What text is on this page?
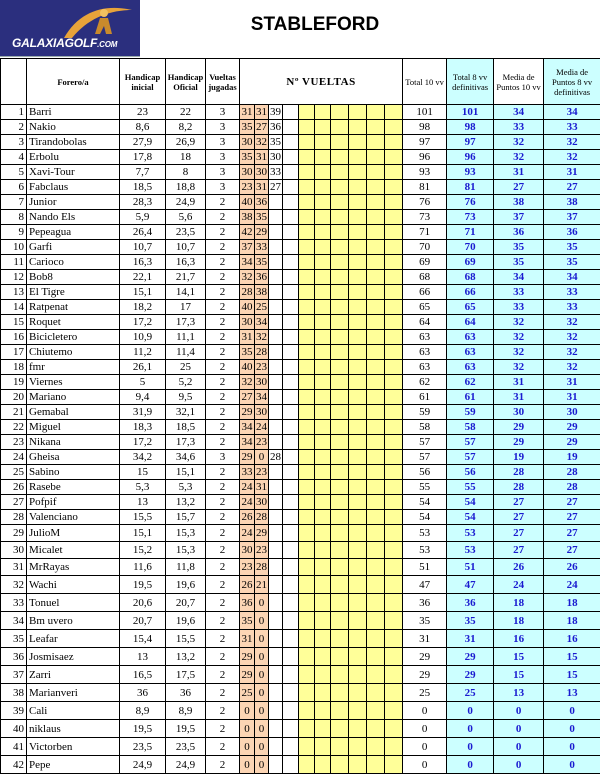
GALAXIAGOLF.COM
STABLEFORD
	Forero/a	Handicap inicial	Handicap Oficial	Vueltas jugadas	Nº VUELTAS										Total 10 vv	Total 8 vv definitivas	Media de Puntos 10 vv	Media de Puntos 8 vv definitivas
1	Barri	23	22	3	31	31	39								101	101	34	34
2	Nakio	8,6	8,2	3	35	27	36								98	98	33	33
3	Tirandobolas	27,9	26,9	3	30	32	35								97	97	32	32
4	Erbolu	17,8	18	3	35	31	30								96	96	32	32
5	Xavi-Tour	7,7	8	3	30	30	33								93	93	31	31
6	Fabclaus	18,5	18,8	3	23	31	27								81	81	27	27
7	Junior	28,3	24,9	2	40	36									76	76	38	38
8	Nando Els	5,9	5,6	2	38	35									73	73	37	37
9	Pepeagua	26,4	23,5	2	42	29									71	71	36	36
10	Garfi	10,7	10,7	2	37	33									70	70	35	35
11	Carioco	16,3	16,3	2	34	35									69	69	35	35
12	Bob8	22,1	21,7	2	32	36									68	68	34	34
13	El Tigre	15,1	14,1	2	28	38									66	66	33	33
14	Ratpenat	18,2	17	2	40	25									65	65	33	33
15	Roquet	17,2	17,3	2	30	34									64	64	32	32
16	Bicicletero	10,9	11,1	2	31	32									63	63	32	32
17	Chiutemo	11,2	11,4	2	35	28									63	63	32	32
18	fmr	26,1	25	2	40	23									63	63	32	32
19	Viernes	5	5,2	2	32	30									62	62	31	31
20	Mariano	9,4	9,5	2	27	34									61	61	31	31
21	Gemabal	31,9	32,1	2	29	30									59	59	30	30
22	Miguel	18,3	18,5	2	34	24									58	58	29	29
23	Nikana	17,2	17,3	2	34	23									57	57	29	29
24	Gheisa	34,2	34,6	3	29	0	28								57	57	19	19
25	Sabino	15	15,1	2	33	23									56	56	28	28
26	Rasebe	5,3	5,3	2	24	31									55	55	28	28
27	Pofpif	13	13,2	2	24	30									54	54	27	27
28	Valenciano	15,5	15,7	2	26	28									54	54	27	27
29	JulioM	15,1	15,3	2	24	29									53	53	27	27
30	Micalet	15,2	15,3	2	30	23									53	53	27	27
31	MrRayas	11,6	11,8	2	23	28									51	51	26	26
32	Wachi	19,5	19,6	2	26	21									47	47	24	24
33	Tonuel	20,6	20,7	2	36	0									36	36	18	18
34	Bm uvero	20,7	19,6	2	35	0									35	35	18	18
35	Leafar	15,4	15,5	2	31	0									31	31	16	16
36	Josmisaez	13	13,2	2	29	0									29	29	15	15
37	Zarri	16,5	17,5	2	29	0									29	29	15	15
38	Marianveri	36	36	2	25	0									25	25	13	13
39	Cali	8,9	8,9	2	0	0									0	0	0	0
40	niklaus	19,5	19,5	2	0	0									0	0	0	0
41	Victorben	23,5	23,5	2	0	0									0	0	0	0
42	Pepe	24,9	24,9	2	0	0									0	0	0	0
